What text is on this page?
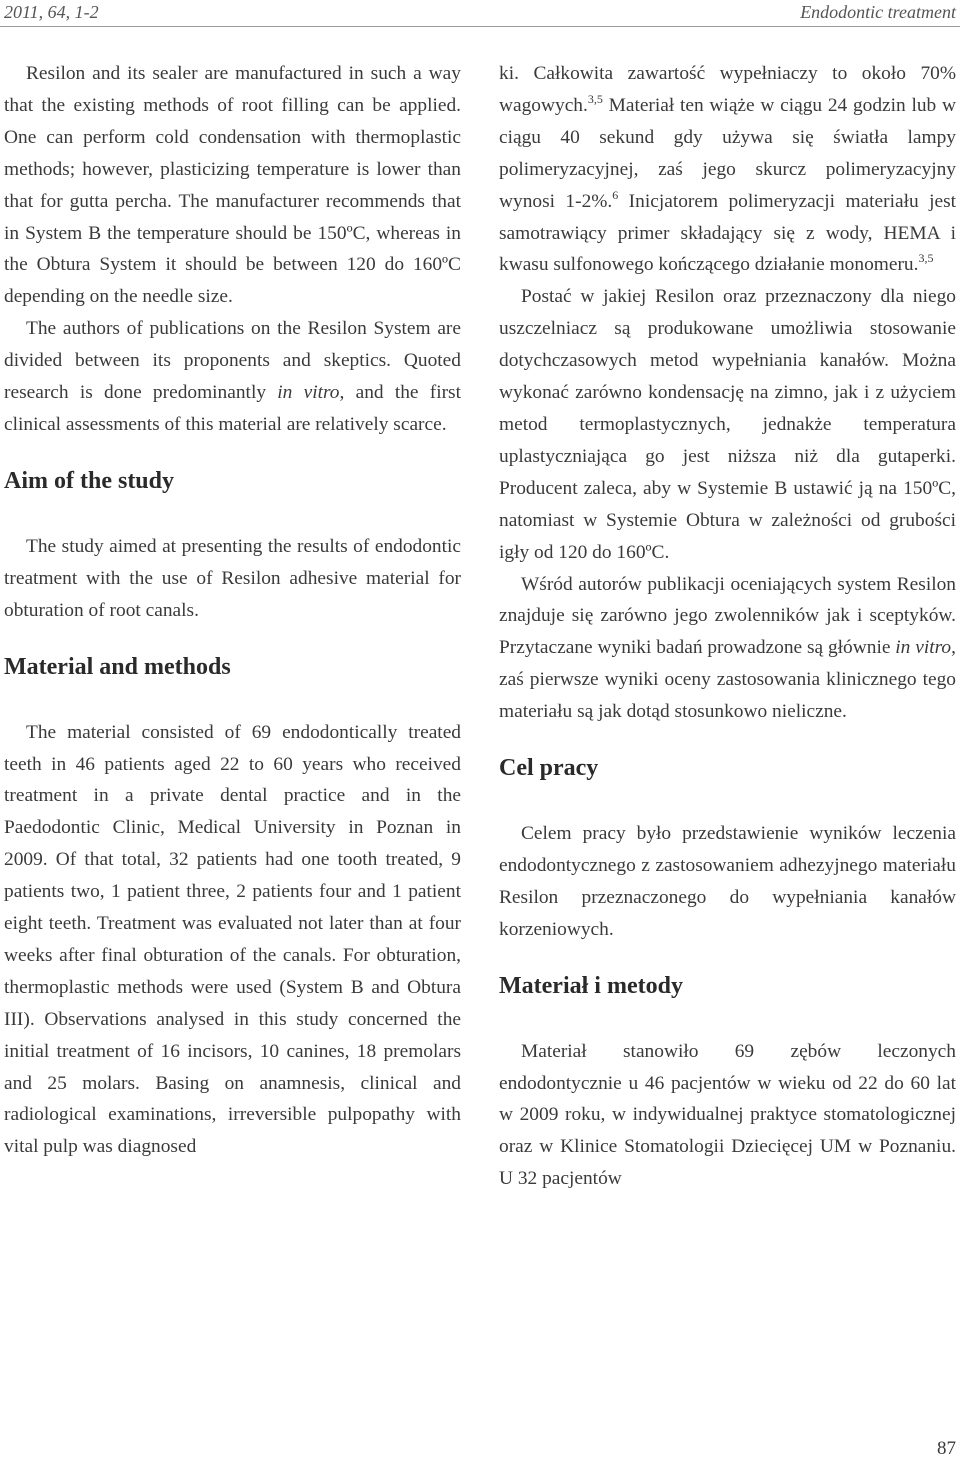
2011, 64, 1-2	Endodontic treatment

Resilon and its sealer are manufactured in such a way that the existing methods of root filling can be applied. One can perform cold condensation with thermoplastic methods; however, plasticizing temperature is lower than that for gutta percha. The manufacturer recommends that in System B the temperature should be 150ºC, whereas in the Obtura System it should be between 120 do 160ºC depending on the needle size.

The authors of publications on the Resilon System are divided between its proponents and skeptics. Quoted research is done predominantly in vitro, and the first clinical assessments of this material are relatively scarce.

Aim of the study

The study aimed at presenting the results of endodontic treatment with the use of Resilon adhesive material for obturation of root canals.

Material and methods

The material consisted of 69 endodontically treated teeth in 46 patients aged 22 to 60 years who received treatment in a private dental practice and in the Paedodontic Clinic, Medical University in Poznan in 2009. Of that total, 32 patients had one tooth treated, 9 patients two, 1 patient three, 2 patients four and 1 patient eight teeth. Treatment was evaluated not later than at four weeks after final obturation of the canals. For obturation, thermoplastic methods were used (System B and Obtura III). Observations analysed in this study concerned the initial treatment of 16 incisors, 10 canines, 18 premolars and 25 molars. Basing on anamnesis, clinical and radiological examinations, irreversible pulpopathy with vital pulp was diagnosed

ki. Całkowita zawartość wypełniaczy to około 70% wagowych.$^{3,5}$ Materiał ten wiąże w ciągu 24 godzin lub w ciągu 40 sekund gdy używa się światła lampy polimeryzacyjnej, zaś jego skurcz polimeryzacyjny wynosi 1-2%.$^6$ Inicjatorem polimeryzacji materiału jest samotrawiący primer składający się z wody, HEMA i kwasu sulfonowego kończącego działanie monomeru.$^{3,5}$

Postać w jakiej Resilon oraz przeznaczony dla niego uszczelniacz są produkowane umożliwia stosowanie dotychczasowych metod wypełniania kanałów. Można wykonać zarówno kondensację na zimno, jak i z użyciem metod termoplastycznych, jednakże temperatura uplastyczniająca go jest niższa niż dla gutaperki. Producent zaleca, aby w Systemie B ustawić ją na 150ºC, natomiast w Systemie Obtura w zależności od grubości igły od 120 do 160ºC.

Wśród autorów publikacji oceniających system Resilon znajduje się zarówno jego zwolenników jak i sceptyków. Przytaczane wyniki badań prowadzone są głównie in vitro, zaś pierwsze wyniki oceny zastosowania klinicznego tego materiału są jak dotąd stosunkowo nieliczne.

Cel pracy

Celem pracy było przedstawienie wyników leczenia endodontycznego z zastosowaniem adhezyjnego materiału Resilon przeznaczonego do wypełniania kanałów korzeniowych.

Materiał i metody

Materiał stanowiło 69 zębów leczonych endodontycznie u 46 pacjentów w wieku od 22 do 60 lat w 2009 roku, w indywidualnej praktyce stomatologicznej oraz w Klinice Stomatologii Dziecięcej UM w Poznaniu. U 32 pacjentów

87
